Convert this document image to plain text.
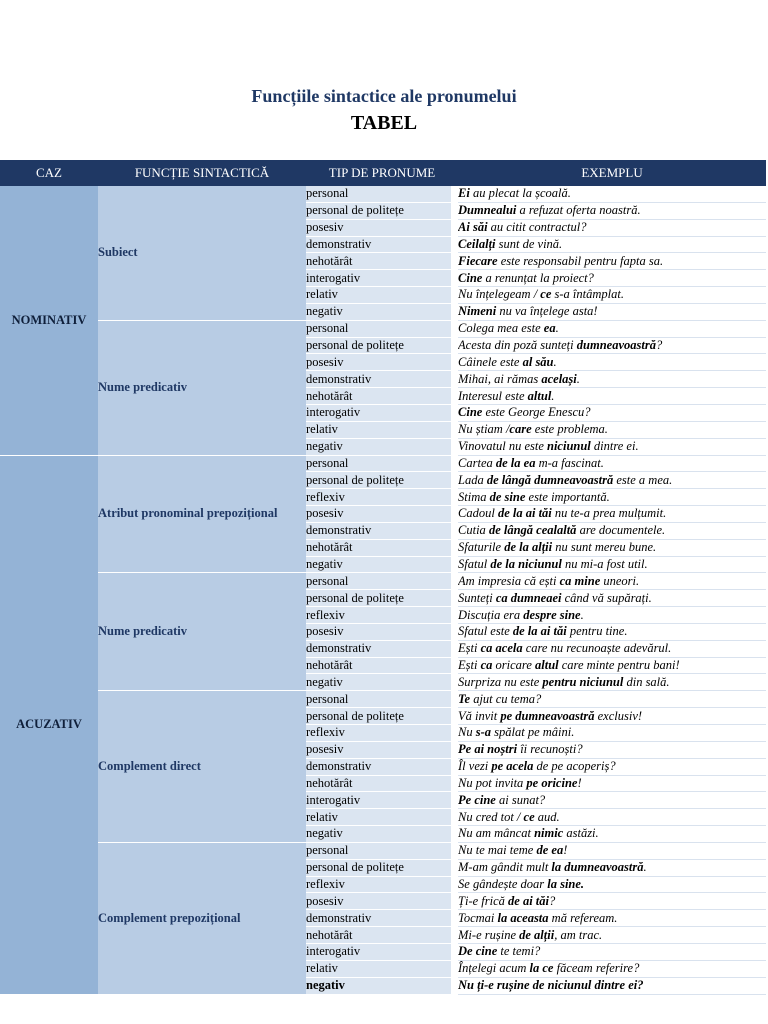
Funcțiile sintactice ale pronumelui
TABEL
CAZ	FUNCȚIE SINTACTICĂ	TIP DE PRONUME		EXEMPLU
NOMINATIV	Subiect	personal		Ei au plecat la școală.
		personal de politețe		Dumnealui a refuzat oferta noastră.
		posesiv		Ai săi au citit contractul?
		demonstrativ		Ceilalți sunt de vină.
		nehotărât		Fiecare este responsabil pentru fapta sa.
		interogativ		Cine a renunțat la proiect?
		relativ		Nu înțelegeam / ce s-a întâmplat.
		negativ		Nimeni nu va înțelege asta!
	Nume predicativ	personal		Colega mea este ea.
		personal de politețe		Acesta din poză sunteți dumneavoastră?
		posesiv		Câinele este al său.
		demonstrativ		Mihai, ai rămas același.
		nehotărât		Interesul este altul.
		interogativ		Cine este George Enescu?
		relativ		Nu știam /care este problema.
		negativ		Vinovatul nu este niciunul dintre ei.
ACUZATIV	Atribut pronominal prepozițional	personal		Cartea de la ea m-a fascinat.
		personal de politețe		Lada de lângă dumneavoastră este a mea.
		reflexiv		Stima de sine este importantă.
		posesiv		Cadoul de la ai tăi nu te-a prea mulțumit.
		demonstrativ		Cutia de lângă cealaltă are documentele.
		nehotărât		Sfaturile de la alții nu sunt mereu bune.
		negativ		Sfatul de la niciunul nu mi-a fost util.
	Nume predicativ	personal		Am impresia că ești ca mine uneori.
		personal de politețe		Sunteți ca dumneaei când vă supărați.
		reflexiv		Discuția era despre sine.
		posesiv		Sfatul este de la ai tăi pentru tine.
		demonstrativ		Ești ca acela care nu recunoaște adevărul.
		nehotărât		Ești ca oricare altul care minte pentru bani!
		negativ		Surpriza nu este pentru niciunul din sală.
	Complement direct	personal		Te ajut cu tema?
		personal de politețe		Vă invit pe dumneavoastră exclusiv!
		reflexiv		Nu s-a spălat pe mâini.
		posesiv		Pe ai noștri îi recunoști?
		demonstrativ		Îl vezi pe acela de pe acoperiș?
		nehotărât		Nu pot invita pe oricine!
		interogativ		Pe cine ai sunat?
		relativ		Nu cred tot / ce aud.
		negativ		Nu am mâncat nimic astăzi.
	Complement prepozițional	personal		Nu te mai teme de ea!
		personal de politețe		M-am gândit mult la dumneavoastră.
		reflexiv		Se gândește doar la sine.
		posesiv		Ți-e frică de ai tăi?
		demonstrativ		Tocmai la aceasta mă refeream.
		nehotărât		Mi-e rușine de alții, am trac.
		interogativ		De cine te temi?
		relativ		Înțelegi acum la ce făceam referire?
		negativ		Nu ți-e rușine de niciunul dintre ei?
